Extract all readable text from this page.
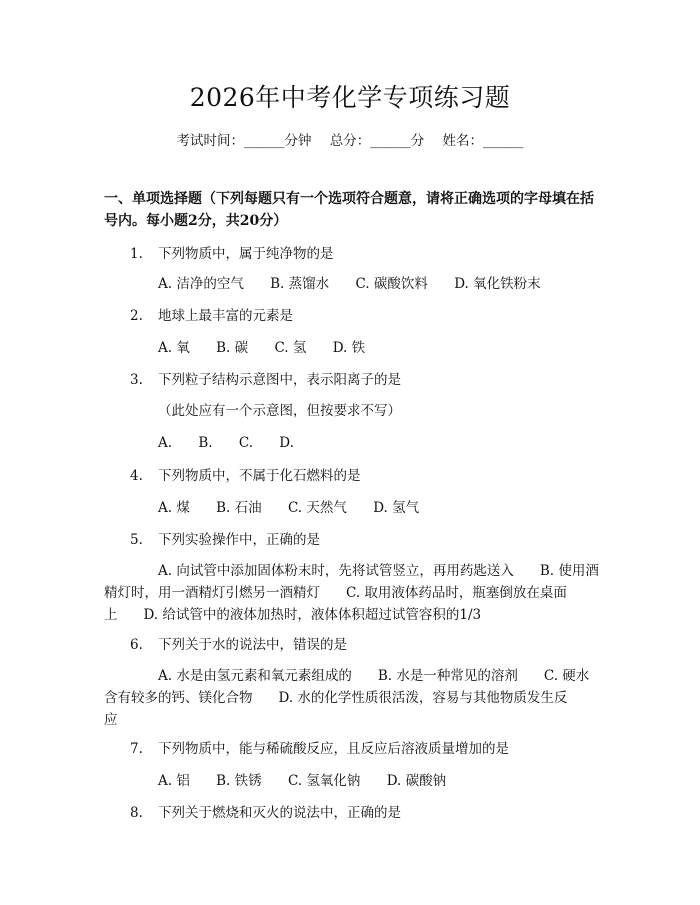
2026年中考化学专项练习题
考试时间：______分钟 总分：______分 姓名：______
一、单项选择题（下列每题只有一个选项符合题意，请将正确选项的字母填在括号内。每小题2分，共20分）
1. 下列物质中，属于纯净物的是
A. 洁净的空气 B. 蒸馏水 C. 碳酸饮料 D. 氧化铁粉末
2. 地球上最丰富的元素是
A. 氧 B. 碳 C. 氢 D. 铁
3. 下列粒子结构示意图中，表示阳离子的是
（此处应有一个示意图，但按要求不写）
A. B. C. D.
4. 下列物质中，不属于化石燃料的是
A. 煤 B. 石油 C. 天然气 D. 氢气
5. 下列实验操作中，正确的是
A. 向试管中添加固体粉末时，先将试管竖立，再用药匙送入 B. 使用酒精灯时，用一酒精灯引燃另一酒精灯 C. 取用液体药品时，瓶塞倒放在桌面上 D. 给试管中的液体加热时，液体体积超过试管容积的1/3
6. 下列关于水的说法中，错误的是
A. 水是由氢元素和氧元素组成的 B. 水是一种常见的溶剂 C. 硬水含有较多的钙、镁化合物 D. 水的化学性质很活泼，容易与其他物质发生反应
7. 下列物质中，能与稀硫酸反应，且反应后溶液质量增加的是
A. 铝 B. 铁锈 C. 氢氧化钠 D. 碳酸钠
8. 下列关于燃烧和灭火的说法中，正确的是
